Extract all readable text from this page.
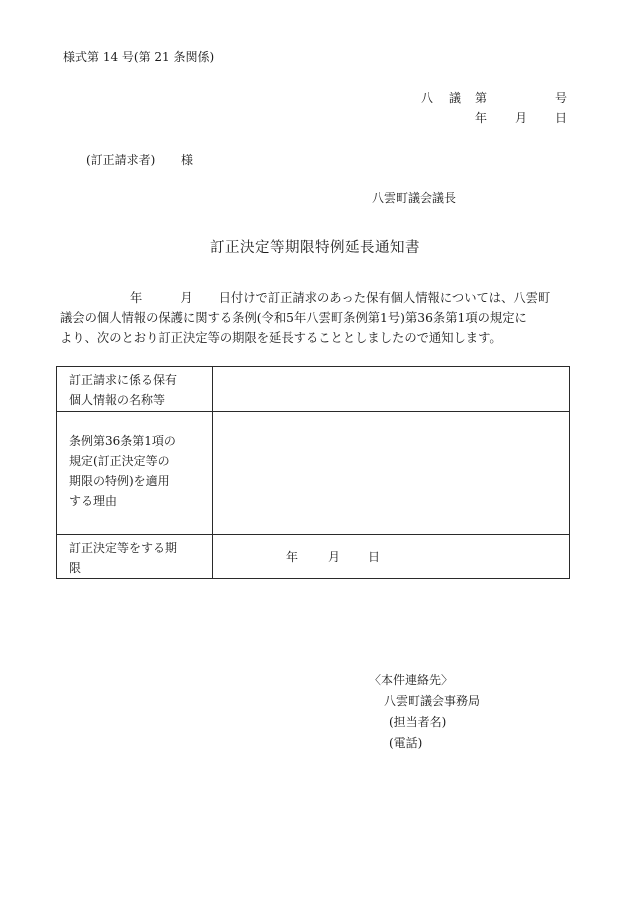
様式第 14 号(第 21 条関係)
八 議 第	号
年 月 日
(訂正請求者) 様
八雲町議会議長
訂正決定等期限特例延長通知書
年	月 日付けで訂正請求のあった保有個人情報については、八雲町
議会の個人情報の保護に関する条例(令和5年八雲町条例第1号)第36条第1項の規定に
より、次のとおり訂正決定等の期限を延長することとしましたので通知します。
訂正請求に係る保有
個人情報の名称等	

条例第36条第1項の
規定(訂正決定等の
期限の特例)を適用
する理由	

訂正決定等をする期
限	年 月 日
〈本件連絡先〉
八雲町議会事務局
(担当者名)
(電話)
